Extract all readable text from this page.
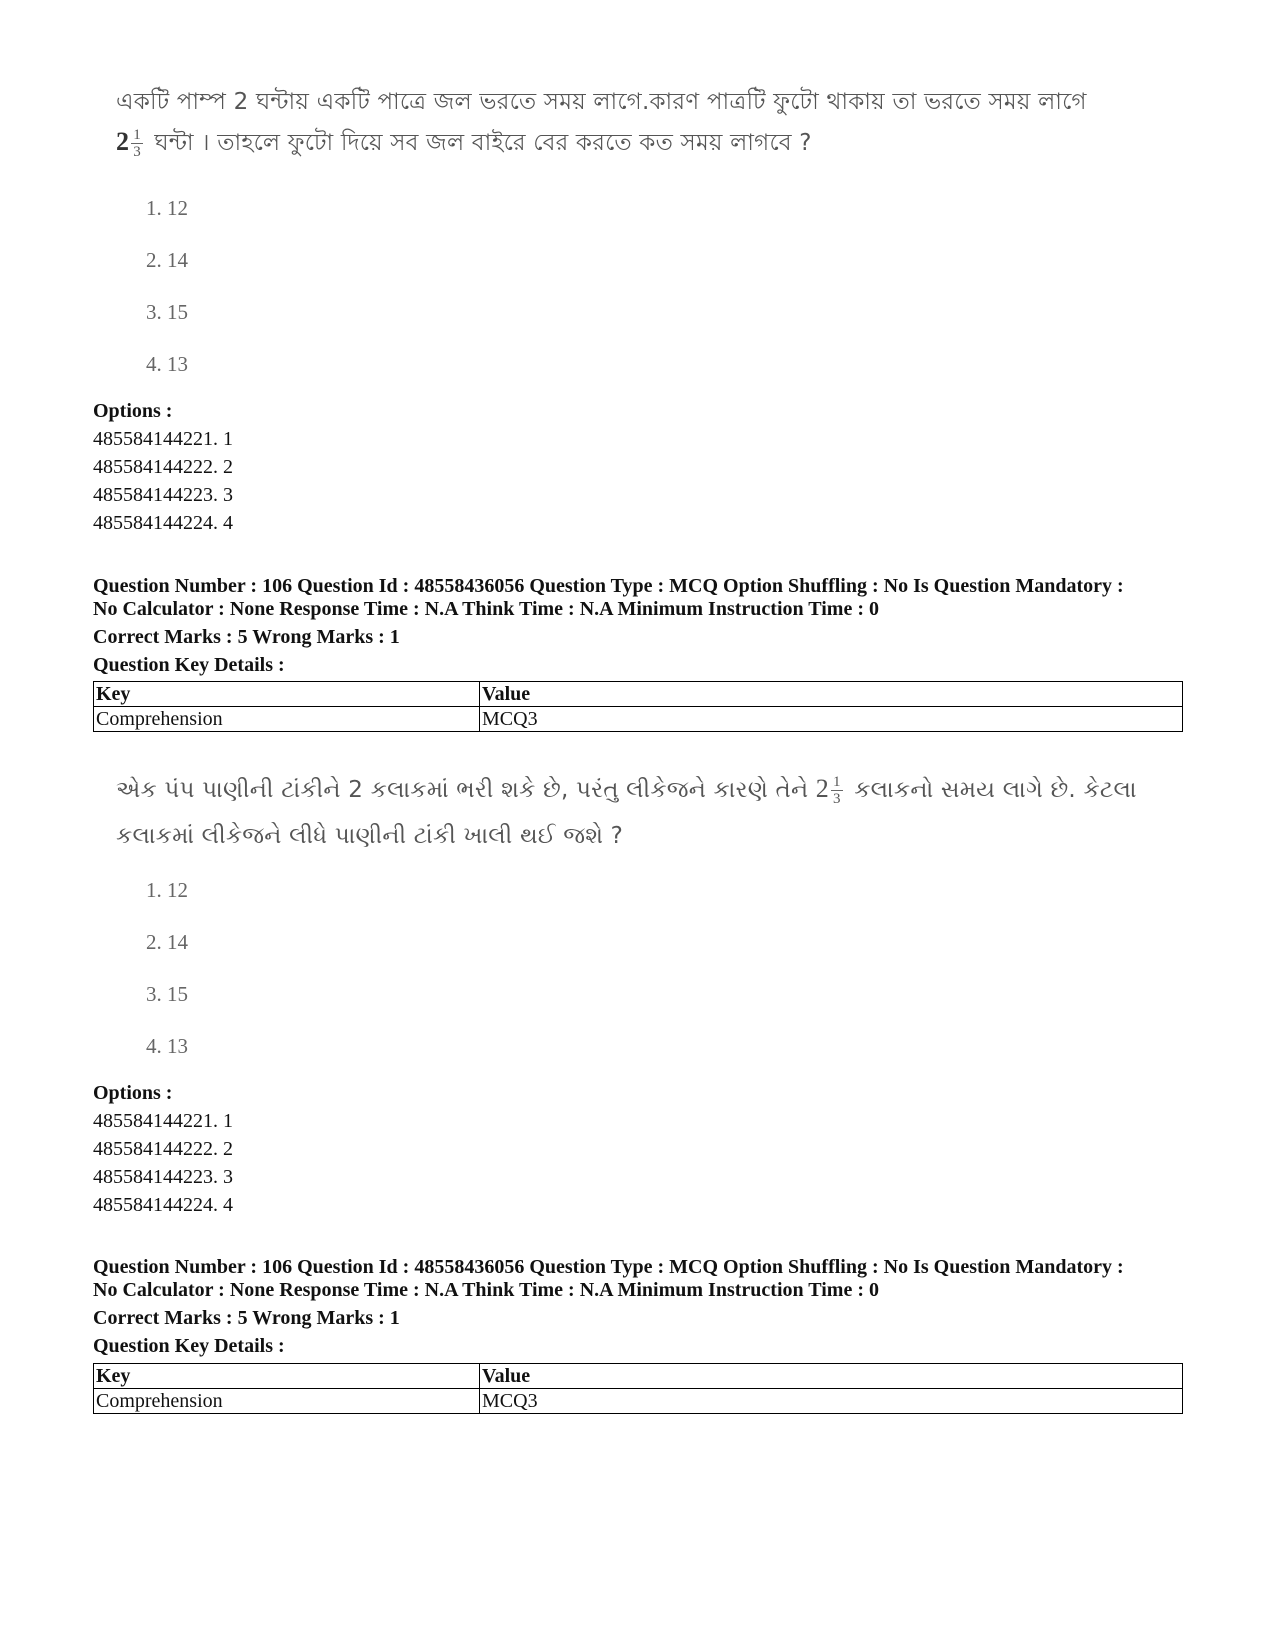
একটি পাম্প 2 ঘন্টায় একটি পাত্রে জল ভরতে সময় লাগে.কারণ পাত্রটি ফুটো থাকায় তা ভরতে সময় লাগে
$2 \frac{1}{3}$ ঘন্টা । তাহলে ফুটো দিয়ে সব জল বাইরে বের করতে কত সময় লাগবে ?
1. 12
2. 14
3. 15
4. 13
Options :
485584144221. 1
485584144222. 2
485584144223. 3
485584144224. 4
Question Number : 106 Question Id : 48558436056 Question Type : MCQ Option Shuffling : No Is Question Mandatory :
No Calculator : None Response Time : N.A Think Time : N.A Minimum Instruction Time : 0
Correct Marks : 5 Wrong Marks : 1
Question Key Details :
Key	Value
Comprehension	MCQ3
એક પંપ પાણીની ટાંકીને 2 કલાકમાં ભરી શકે છે, પરંતુ લીકેજને કારણે તેને $2 \frac{1}{3}$ કલાકનો સમય લાગે છે. કેટલા
કલાકમાં લીકેજને લીધે પાણીની ટાંકી ખાલી થઈ જશે ?
1. 12
2. 14
3. 15
4. 13
Options :
485584144221. 1
485584144222. 2
485584144223. 3
485584144224. 4
Question Number : 106 Question Id : 48558436056 Question Type : MCQ Option Shuffling : No Is Question Mandatory :
No Calculator : None Response Time : N.A Think Time : N.A Minimum Instruction Time : 0
Correct Marks : 5 Wrong Marks : 1
Question Key Details :
Key	Value
Comprehension	MCQ3
